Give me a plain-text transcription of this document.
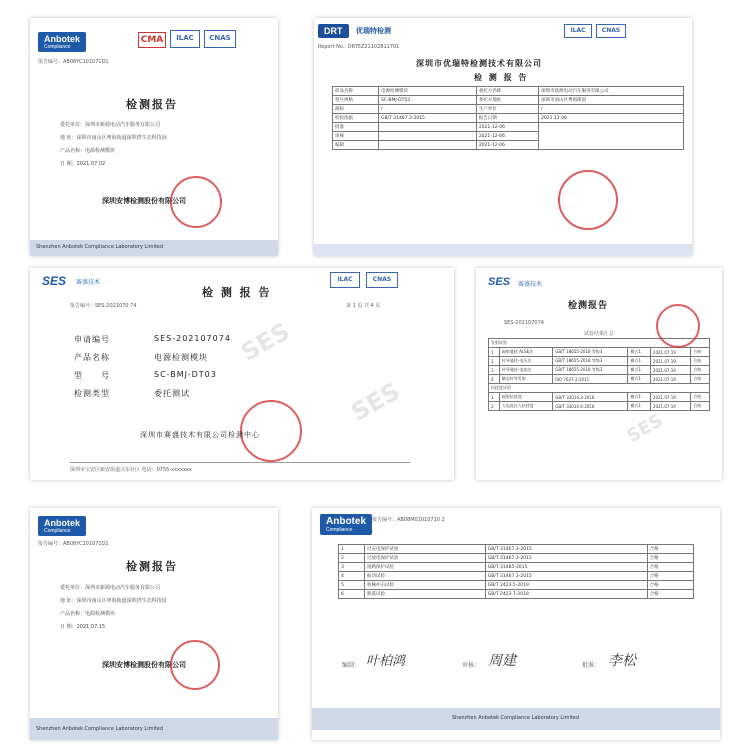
Anbotek
Compliance
CMA	ILAC	CNAS
报告编号：AB08YC101071D1
检测报告
委托单位：深圳市新源电动汽车服务有限公司
地 址：深圳市南山区粤海街道深圳湾生态科技园
产品名称：电源检测模块
日 期：2021.07.02
深圳安博检测股份有限公司
Shenzhen Anbotek Compliance Laboratory Limited
DRT	优瑞特检测	ILAC	CNAS
Report No.: DRT5Z21102811701
深圳市优瑞特检测技术有限公司
检 测 报 告
样品名称	电源检测模块	委托方名称	深圳市新源电动汽车服务有限公司
型号规格	SC-BMJ-DT03	委托方地址	深圳市南山区粤海街道
商标	/	生产单位	/
检验依据	GB/T 31467.3-2015	报告日期	2021.12.06
批准		2021-12-06	
审核		2021-12-06	
编制		2021-12-06	
SES
SES
SES 赛盛技术	ILAC	CNAS
报告编号：SES-2021070 74	第 1 页 共 4 页
检 测 报 告
申请编号	SES-202107074
产品名称	电源检测模块
型　　号	SC-BMJ-DT03
检测类型	委托测试
深圳市赛盛技术有限公司检测中心
深圳市宝安区新安街道兴东社区 电话：0755-xxxxxxx
SES
SES 赛盛技术
检测报告
SES-202107074
试验结果汇总
发射试验					
1	辐射骚扰 ALSE法	GB/T 18655-2018 等级3	模式1	2021.07.19	合格
2	传导骚扰-电压法	GB/T 18655-2018 等级3	模式1	2021.07.19	合格
3	传导骚扰-电流法	GB/T 18655-2018 等级3	模式1	2021.07.19	合格
4	瞬态传导发射	ISO 7637-2:2011	模式1	2021.07.19	合格
抗扰度试验					
1	辐射抗扰度	GB/T 33014.2-2016	模式1	2021.07.19	合格
2	大电流注入抗扰度	GB/T 33014.4-2016	模式1	2021.07.19	合格
Anbotek
Compliance
报告编号：AB08YC101071D1
检测报告
委托单位：深圳市新源电动汽车服务有限公司
地 址：深圳市南山区粤海街道深圳湾生态科技园
产品名称：电源检测模块
日 期：2021.07.15
深圳安博检测股份有限公司
Shenzhen Anbotek Compliance Laboratory Limited
Anbotek
Compliance
报告编号：AB08M01010710 2
1	过充电保护试验	GB/T 31467.3-2015	合格
2	过放电保护试验	GB/T 31467.3-2015	合格
3	短路保护试验	GB/T 31485-2015	合格
4	振动试验	GB/T 31467.3-2015	合格
5	机械冲击试验	GB/T 2423.5-2019	合格
6	跌落试验	GB/T 2423.7-2018	合格
编制： 叶柏鸿	审核： 周建	批准： 李松
Shenzhen Anbotek Compliance Laboratory Limited
